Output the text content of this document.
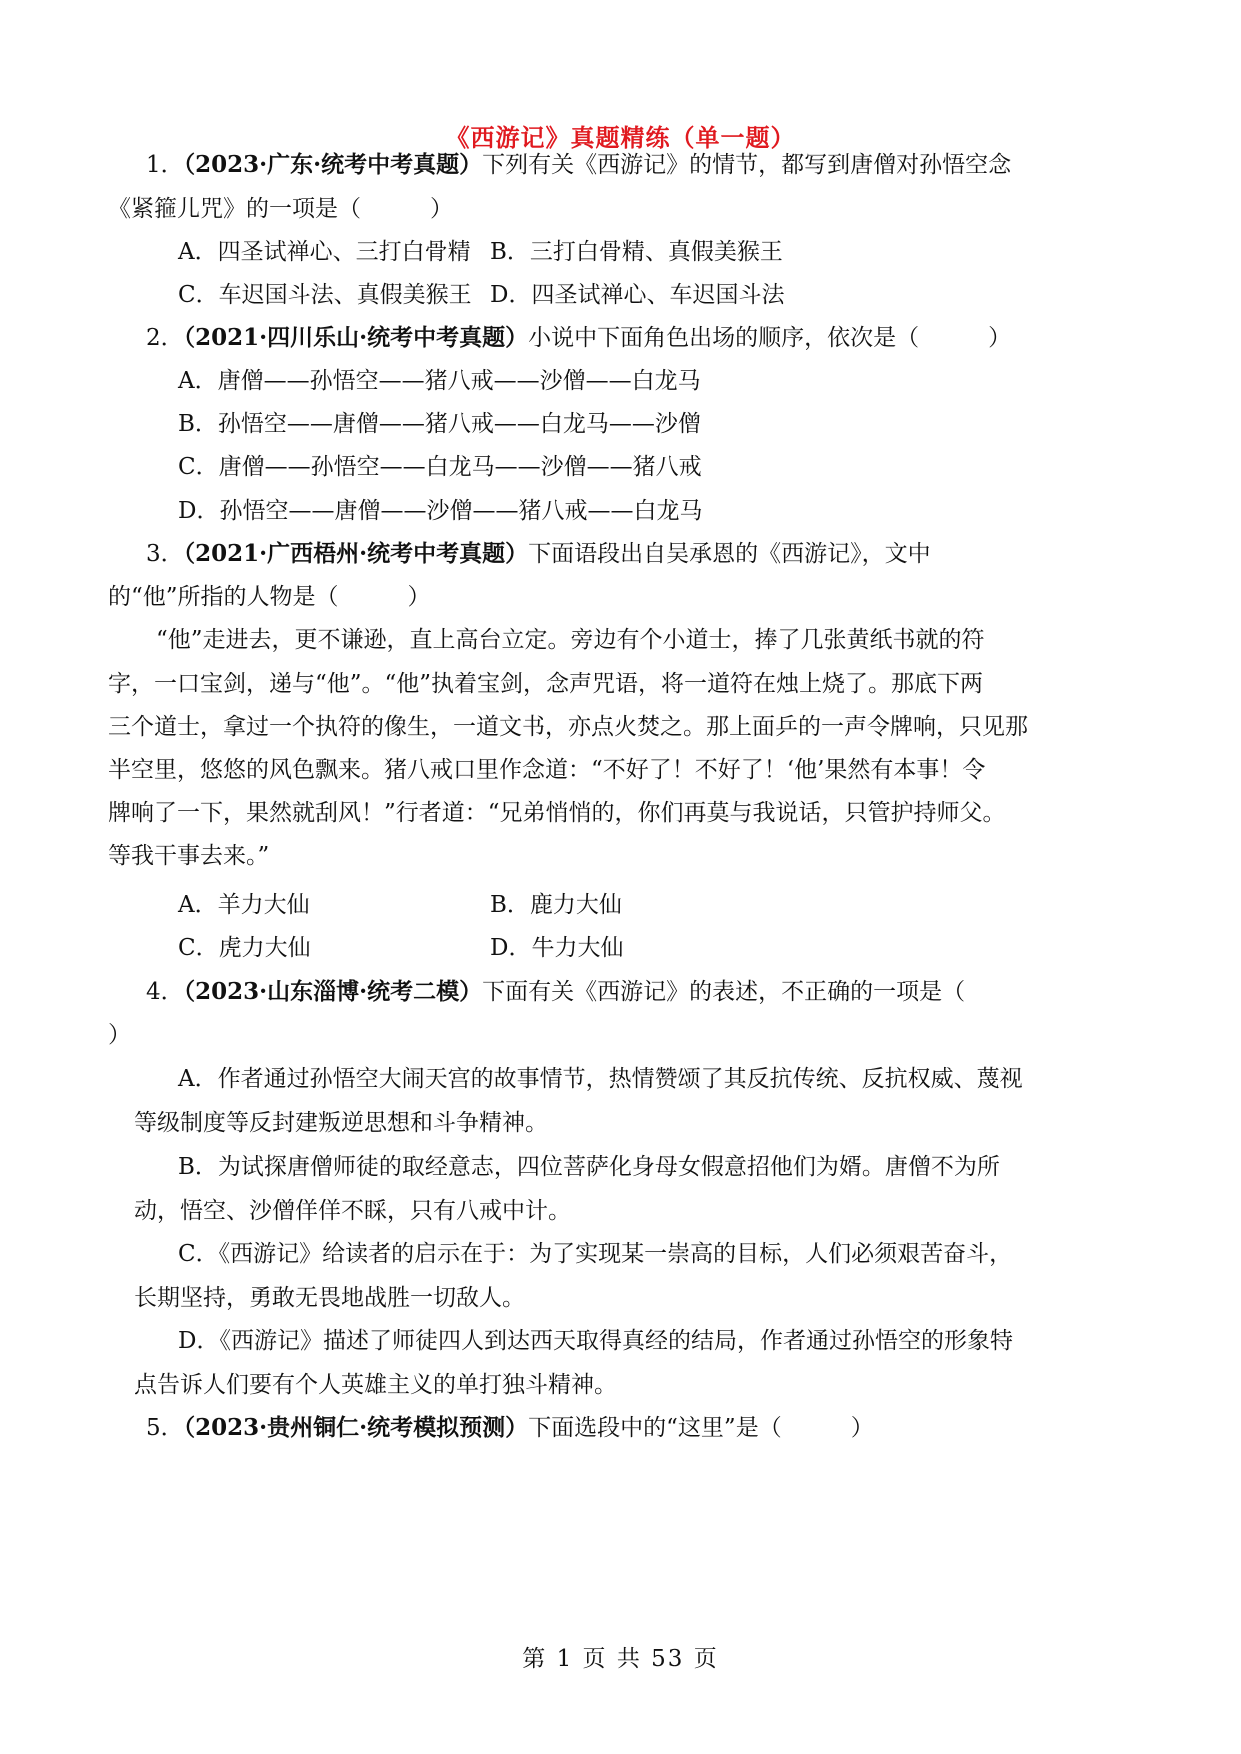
《西游记》真题精练（单一题）
1．（2023·广东·统考中考真题）下列有关《西游记》的情节，都写到唐僧对孙悟空念
《紧箍儿咒》的一项是（　　　）
A．四圣试禅心、三打白骨精 B．三打白骨精、真假美猴王
C．车迟国斗法、真假美猴王 D．四圣试禅心、车迟国斗法
2．（2021·四川乐山·统考中考真题）小说中下面角色出场的顺序，依次是（　　　）
A．唐僧——孙悟空——猪八戒——沙僧——白龙马
B．孙悟空——唐僧——猪八戒——白龙马——沙僧
C．唐僧——孙悟空——白龙马——沙僧——猪八戒
D．孙悟空——唐僧——沙僧——猪八戒——白龙马
3．（2021·广西梧州·统考中考真题）下面语段出自吴承恩的《西游记》，文中
的“他”所指的人物是（　　　）
“他”走进去，更不谦逊，直上高台立定。旁边有个小道士，捧了几张黄纸书就的符
字，一口宝剑，递与“他”。“他”执着宝剑，念声咒语，将一道符在烛上烧了。那底下两
三个道士，拿过一个执符的像生，一道文书，亦点火焚之。那上面乒的一声令牌响，只见那
半空里，悠悠的风色飘来。猪八戒口里作念道：“不好了！不好了！‘他’果然有本事！令
牌响了一下，果然就刮风！”行者道：“兄弟悄悄的，你们再莫与我说话，只管护持师父。
等我干事去来。”
A．羊力大仙	B．鹿力大仙
C．虎力大仙	D．牛力大仙
4．（2023·山东淄博·统考二模）下面有关《西游记》的表述，不正确的一项是（
）
A．作者通过孙悟空大闹天宫的故事情节，热情赞颂了其反抗传统、反抗权威、蔑视
等级制度等反封建叛逆思想和斗争精神。
B．为试探唐僧师徒的取经意志，四位菩萨化身母女假意招他们为婿。唐僧不为所
动，悟空、沙僧佯佯不睬，只有八戒中计。
C．《西游记》给读者的启示在于：为了实现某一崇高的目标，人们必须艰苦奋斗，
长期坚持，勇敢无畏地战胜一切敌人。
D．《西游记》描述了师徒四人到达西天取得真经的结局，作者通过孙悟空的形象特
点告诉人们要有个人英雄主义的单打独斗精神。
5．（2023·贵州铜仁·统考模拟预测）下面选段中的“这里”是（　　　）
第 1 页 共 53 页
